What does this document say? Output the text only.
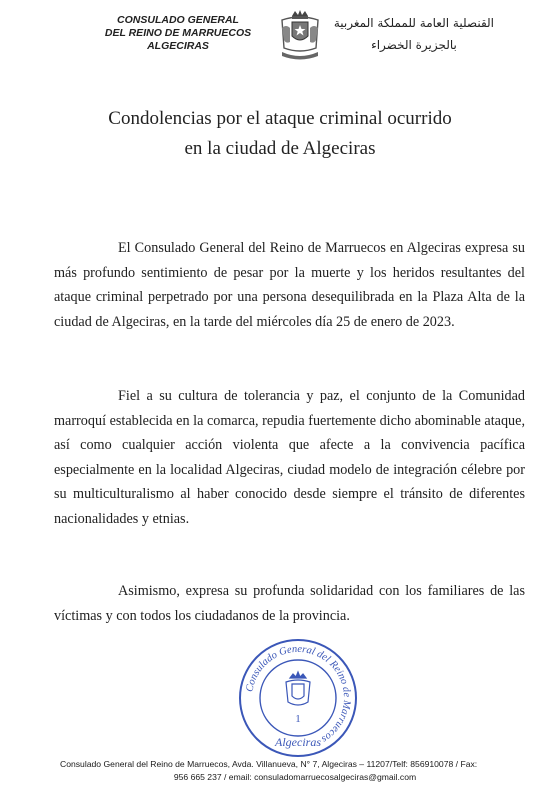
CONSULADO GENERAL
DEL REINO DE MARRUECOS
ALGECIRAS
القنصلية العامة للمملكة المغربية
بالجزيرة الخضراء
Condolencias por el ataque criminal ocurrido
en la ciudad de Algeciras
El Consulado General del Reino de Marruecos en Algeciras expresa su más profundo sentimiento de pesar por la muerte y los heridos resultantes del ataque criminal perpetrado por una persona desequilibrada en la Plaza Alta de la ciudad de Algeciras, en la tarde del miércoles día 25 de enero de 2023.
Fiel a su cultura de tolerancia y paz, el conjunto de la Comunidad marroquí establecida en la comarca, repudia fuertemente dicho abominable ataque, así como cualquier acción violenta que afecte a la convivencia pacífica especialmente en la localidad Algeciras, ciudad modelo de integración célebre por su multiculturalismo al haber conocido desde siempre el tránsito de diferentes nacionalidades y etnias.
Asimismo, expresa su profunda solidaridad con los familiares de las víctimas y con todos los ciudadanos de la provincia.
Consulado General del Reino de Marruecos
1
Algeciras
Consulado General del Reino de Marruecos, Avda. Villanueva, N° 7, Algeciras – 11207/Telf: 856910078 / Fax:
956 665 237 / email: consuladomarruecosalgeciras@gmail.com
